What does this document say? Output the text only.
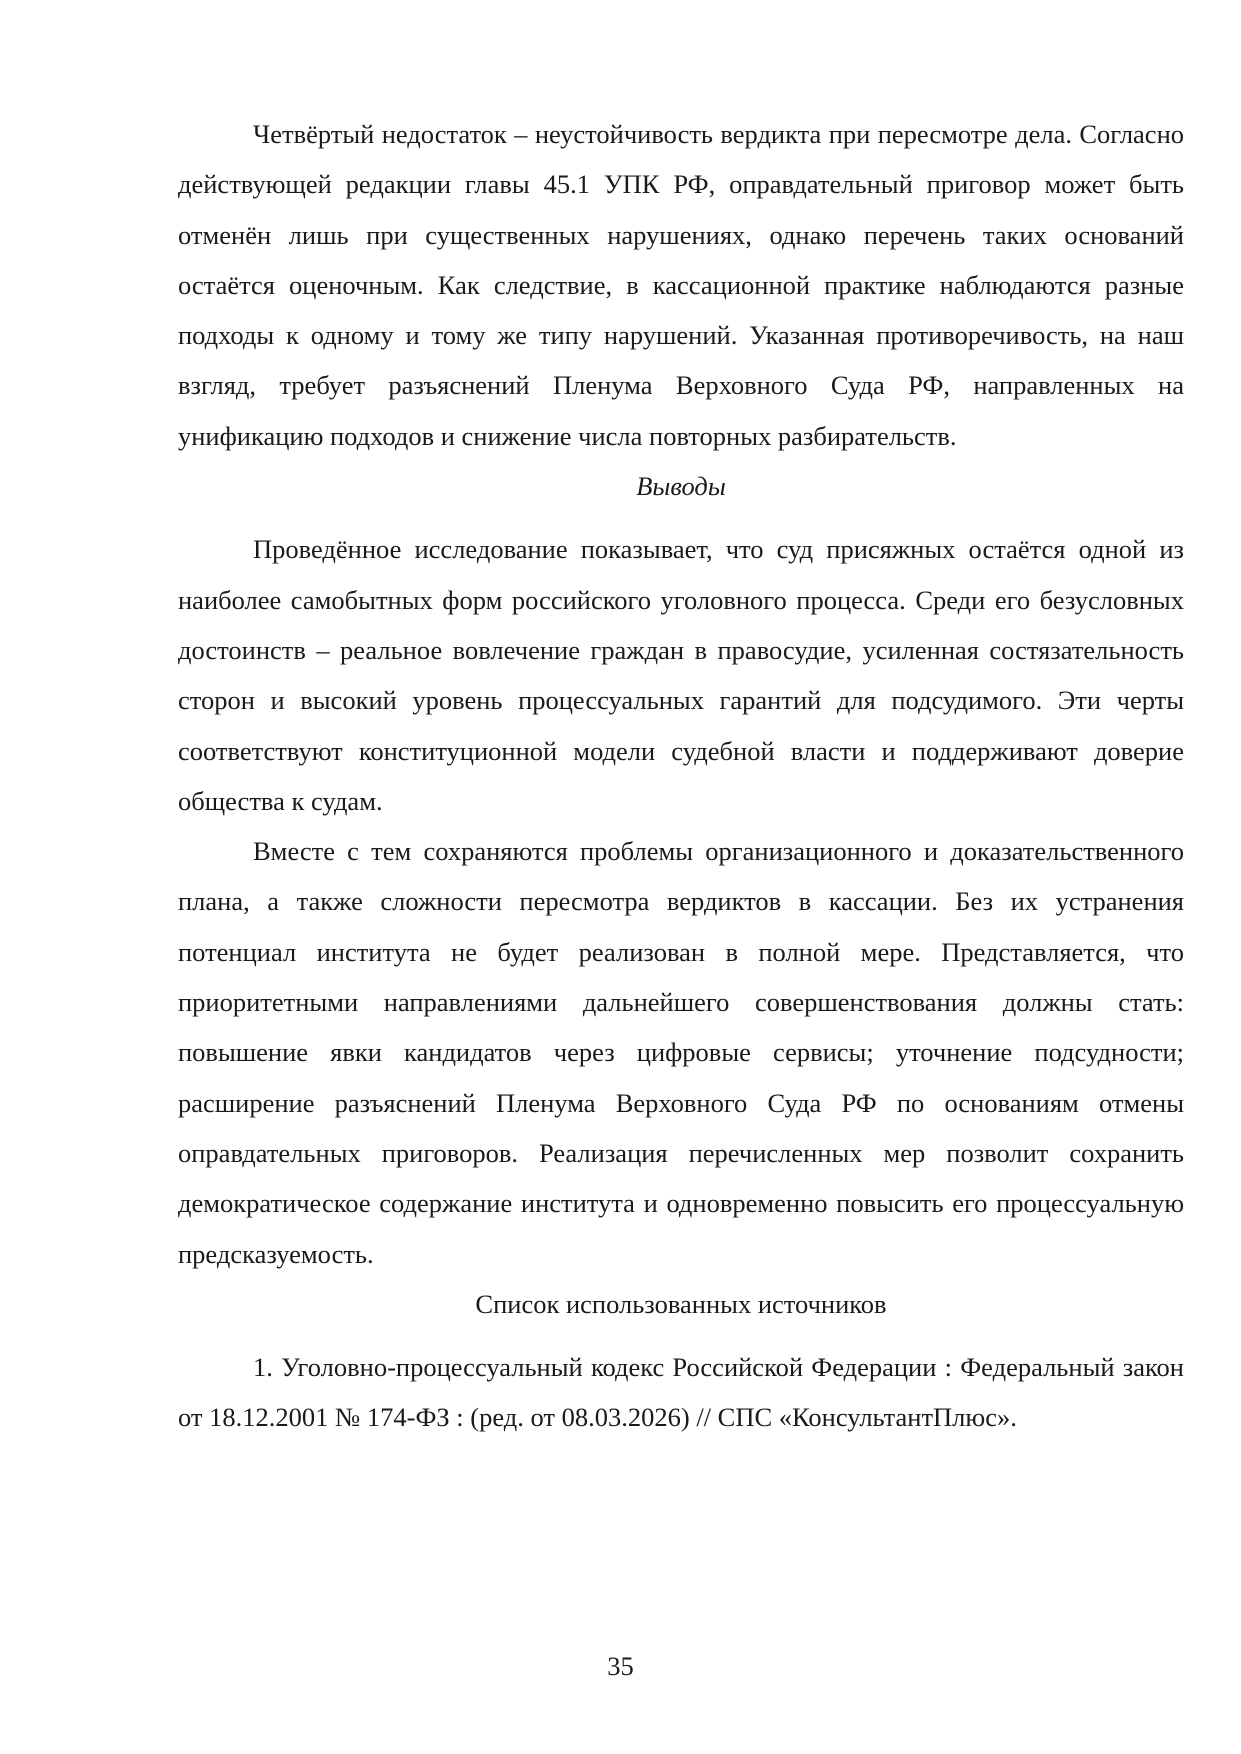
Четвёртый недостаток – неустойчивость вердикта при пересмотре дела. Согласно действующей редакции главы 45.1 УПК РФ, оправдательный приговор может быть отменён лишь при существенных нарушениях, однако перечень таких оснований остаётся оценочным. Как следствие, в кассационной практике наблюдаются разные подходы к одному и тому же типу нарушений. Указанная противоречивость, на наш взгляд, требует разъяснений Пленума Верховного Суда РФ, направленных на унификацию подходов и снижение числа повторных разбирательств.

Выводы

Проведённое исследование показывает, что суд присяжных остаётся одной из наиболее самобытных форм российского уголовного процесса. Среди его безусловных достоинств – реальное вовлечение граждан в правосудие, усиленная состязательность сторон и высокий уровень процессуальных гарантий для подсудимого. Эти черты соответствуют конституционной модели судебной власти и поддерживают доверие общества к судам.

Вместе с тем сохраняются проблемы организационного и доказательственного плана, а также сложности пересмотра вердиктов в кассации. Без их устранения потенциал института не будет реализован в полной мере. Представляется, что приоритетными направлениями дальнейшего совершенствования должны стать: повышение явки кандидатов через цифровые сервисы; уточнение подсудности; расширение разъяснений Пленума Верховного Суда РФ по основаниям отмены оправдательных приговоров. Реализация перечисленных мер позволит сохранить демократическое содержание института и одновременно повысить его процессуальную предсказуемость.

Список использованных источников

1. Уголовно-процессуальный кодекс Российской Федерации : Федеральный закон от 18.12.2001 № 174-ФЗ : (ред. от 08.03.2026) // СПС «КонсультантПлюс».

35
